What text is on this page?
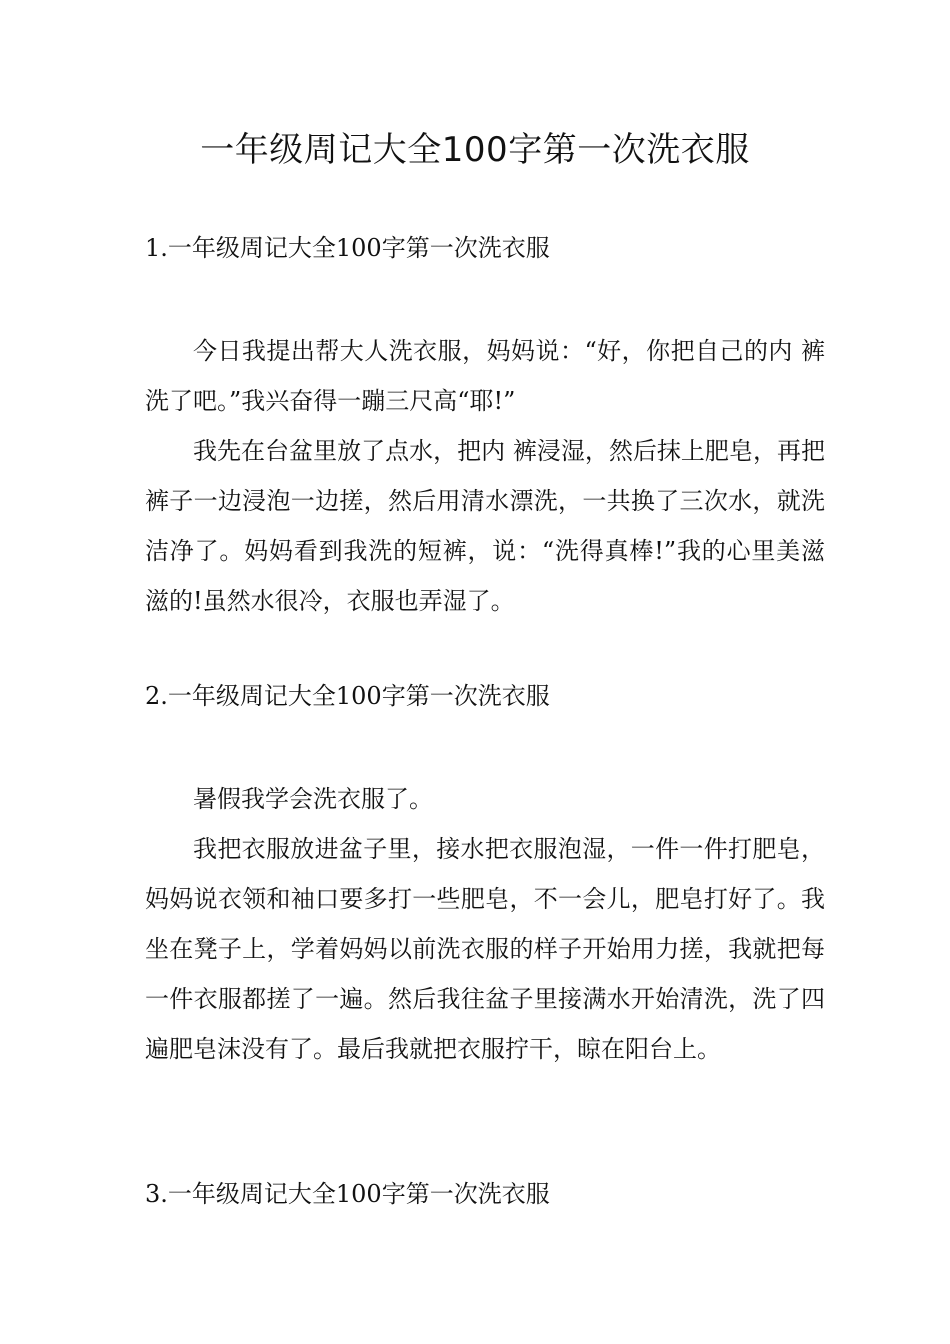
一年级周记大全100字第一次洗衣服
1.一年级周记大全100字第一次洗衣服

今日我提出帮大人洗衣服，妈妈说：“好，你把自己的内 裤洗了吧。”我兴奋得一蹦三尺高“耶!”

我先在台盆里放了点水，把内 裤浸湿，然后抹上肥皂，再把裤子一边浸泡一边搓，然后用清水漂洗，一共换了三次水，就洗洁净了。妈妈看到我洗的短裤，说：“洗得真棒!”我的心里美滋滋的!虽然水很冷，衣服也弄湿了。

2.一年级周记大全100字第一次洗衣服

暑假我学会洗衣服了。

我把衣服放进盆子里，接水把衣服泡湿，一件一件打肥皂，妈妈说衣领和袖口要多打一些肥皂，不一会儿，肥皂打好了。我坐在凳子上，学着妈妈以前洗衣服的样子开始用力搓，我就把每一件衣服都搓了一遍。然后我往盆子里接满水开始清洗，洗了四遍肥皂沫没有了。最后我就把衣服拧干，晾在阳台上。

3.一年级周记大全100字第一次洗衣服
